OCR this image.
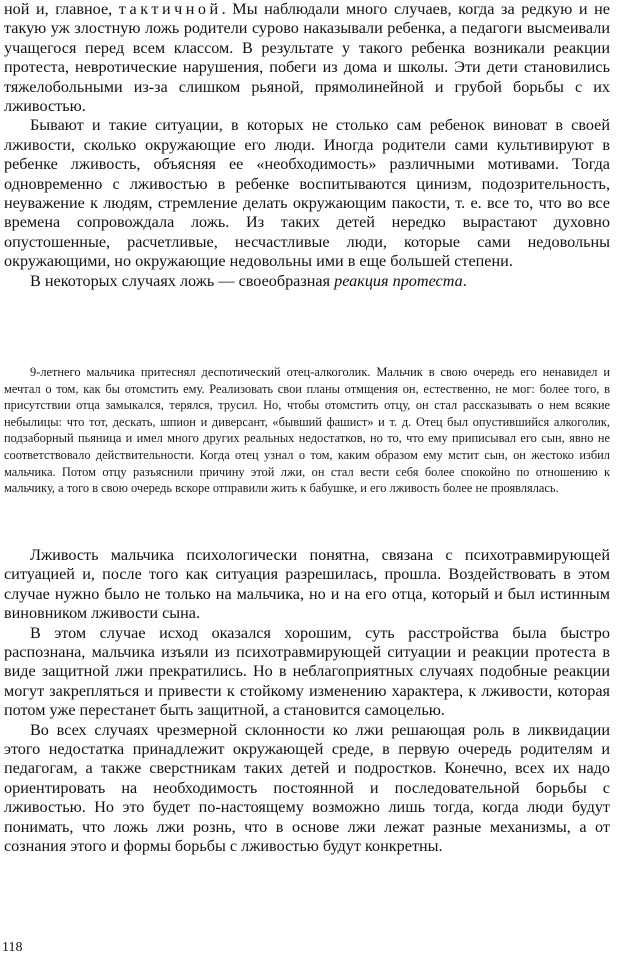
ной и, главное, тактичной. Мы наблюдали много случаев, когда за редкую и не такую уж злостную ложь родители сурово наказывали ребенка, а педагоги высмеивали учащегося перед всем классом. В результате у такого ребенка возникали реакции протеста, невротические нарушения, побеги из дома и школы. Эти дети становились тяжелобольными из-за слишком рьяной, прямолинейной и грубой борьбы с их лживостью.

Бывают и такие ситуации, в которых не столько сам ребенок виноват в своей лживости, сколько окружающие его люди. Иногда родители сами культивируют в ребенке лживость, объясняя ее «необходимость» различными мотивами. Тогда одновременно с лживостью в ребенке воспитываются цинизм, подозрительность, неуважение к людям, стремление делать окружающим пакости, т. е. все то, что во все времена сопровождала ложь. Из таких детей нередко вырастают духовно опустошенные, расчетливые, несчастливые люди, которые сами недовольны окружающими, но окружающие недовольны ими в еще большей степени.

В некоторых случаях ложь — своеобразная реакция протеста.

9-летнего мальчика притеснял деспотический отец-алкоголик. Мальчик в свою очередь его ненавидел и мечтал о том, как бы отомстить ему. Реализовать свои планы отмщения он, естественно, не мог: более того, в присутствии отца замыкался, терялся, трусил. Но, чтобы отомстить отцу, он стал рассказывать о нем всякие небылицы: что тот, дескать, шпион и диверсант, «бывший фашист» и т. д. Отец был опустившийся алкоголик, подзаборный пьяница и имел много других реальных недостатков, но то, что ему приписывал его сын, явно не соответствовало действительности. Когда отец узнал о том, каким образом ему мстит сын, он жестоко избил мальчика. Потом отцу разъяснили причину этой лжи, он стал вести себя более спокойно по отношению к мальчику, а того в свою очередь вскоре отправили жить к бабушке, и его лживость более не проявлялась.

Лживость мальчика психологически понятна, связана с психотравмирующей ситуацией и, после того как ситуация разрешилась, прошла. Воздействовать в этом случае нужно было не только на мальчика, но и на его отца, который и был истинным виновником лживости сына.

В этом случае исход оказался хорошим, суть расстройства была быстро распознана, мальчика изъяли из психотравмирующей ситуации и реакции протеста в виде защитной лжи прекратились. Но в неблагоприятных случаях подобные реакции могут закрепляться и привести к стойкому изменению характера, к лживости, которая потом уже перестанет быть защитной, а становится самоцелью.

Во всех случаях чрезмерной склонности ко лжи решающая роль в ликвидации этого недостатка принадлежит окружающей среде, в первую очередь родителям и педагогам, а также сверстникам таких детей и подростков. Конечно, всех их надо ориентировать на необходимость постоянной и последовательной борьбы с лживостью. Но это будет по-настоящему возможно лишь тогда, когда люди будут понимать, что ложь лжи рознь, что в основе лжи лежат разные механизмы, а от сознания этого и формы борьбы с лживостью будут конкретны.

118
